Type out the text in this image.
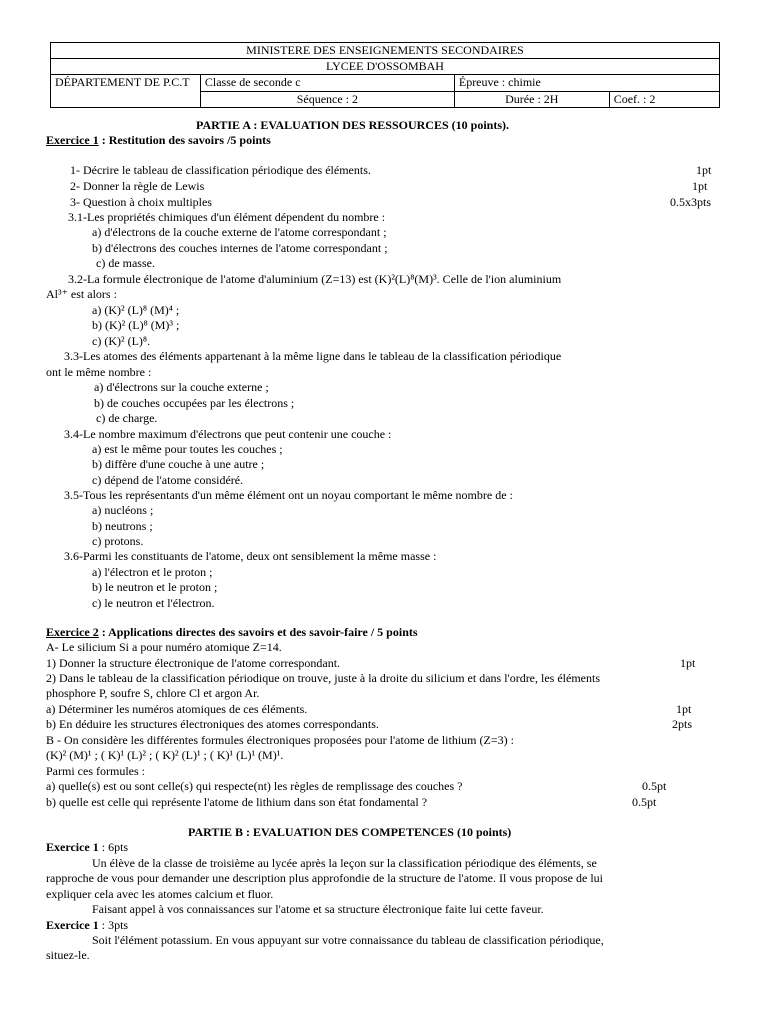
MINISTERE DES ENSEIGNEMENTS SECONDAIRES			
LYCEE D'OSSOMBAH			
DÉPARTEMENT DE P.C.T	Classe de seconde c	Épreuve : chimie	
	Séquence : 2	Durée : 2H	Coef. : 2
PARTIE A : EVALUATION DES RESSOURCES (10 points).
Exercice 1 : Restitution des savoirs /5 points
1- Décrire le tableau de classification périodique des éléments.	1pt
2- Donner la règle de Lewis	1pt
3- Question à choix multiples	0.5x3pts
3.1-Les propriétés chimiques d'un élément dépendent du nombre :
a) d'électrons de la couche externe de l'atome correspondant ;
b) d'électrons des couches internes de l'atome correspondant ;
c) de masse.
3.2-La formule électronique de l'atome d'aluminium (Z=13) est (K)²(L)⁸(M)³. Celle de l'ion aluminium
Al³⁺ est alors :
a) (K)² (L)⁸ (M)⁴ ;
b) (K)² (L)⁸ (M)³ ;
c) (K)² (L)⁸.
3.3-Les atomes des éléments appartenant à la même ligne dans le tableau de la classification périodique
ont le même nombre :
a) d'électrons sur la couche externe ;
b) de couches occupées par les électrons ;
c) de charge.
3.4-Le nombre maximum d'électrons que peut contenir une couche :
a) est le même pour toutes les couches ;
b) diffère d'une couche à une autre ;
c) dépend de l'atome considéré.
3.5-Tous les représentants d'un même élément ont un noyau comportant le même nombre de :
a) nucléons ;
b) neutrons ;
c) protons.
3.6-Parmi les constituants de l'atome, deux ont sensiblement la même masse :
a) l'électron et le proton ;
b) le neutron et le proton ;
c) le neutron et l'électron.
Exercice 2 : Applications directes des savoirs et des savoir-faire / 5 points
A- Le silicium Si a pour numéro atomique Z=14.
1) Donner la structure électronique de l'atome correspondant.	1pt
2) Dans le tableau de la classification périodique on trouve, juste à la droite du silicium et dans l'ordre, les éléments
phosphore P, soufre S, chlore Cl et argon Ar.
a) Déterminer les numéros atomiques de ces éléments.	1pt
b) En déduire les structures électroniques des atomes correspondants.	2pts
B - On considère les différentes formules électroniques proposées pour l'atome de lithium (Z=3) :
(K)² (M)¹ ; ( K)¹ (L)² ; ( K)² (L)¹ ; ( K)¹ (L)¹ (M)¹.
Parmi ces formules :
a) quelle(s) est ou sont celle(s) qui respecte(nt) les règles de remplissage des couches ?	0.5pt
b) quelle est celle qui représente l'atome de lithium dans son état fondamental ?	0.5pt
PARTIE B : EVALUATION DES COMPETENCES (10 points)
Exercice 1 : 6pts
Un élève de la classe de troisième au lycée après la leçon sur la classification périodique des éléments, se
rapproche de vous pour demander une description plus approfondie de la structure de l'atome. Il vous propose de lui
expliquer cela avec les atomes calcium et fluor.
Faisant appel à vos connaissances sur l'atome et sa structure électronique faite lui cette faveur.
Exercice 1 : 3pts
Soit l'élément potassium. En vous appuyant sur votre connaissance du tableau de classification périodique,
situez-le.
